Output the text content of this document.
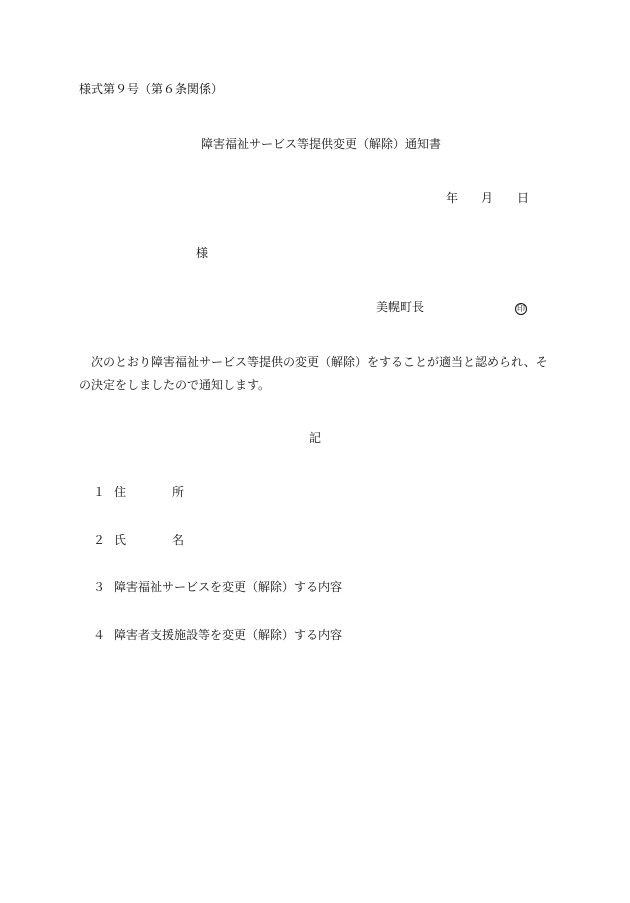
様式第９号（第６条関係）
障害福祉サービス等提供変更（解除）通知書
年 月 日
様
美幌町長	印
次のとおり障害福祉サービス等提供の変更（解除）をすることが適当と認められ、その決定をしましたので通知します。
記
１ 住	所
２ 氏	名
３ 障害福祉サービスを変更（解除）する内容
４ 障害者支援施設等を変更（解除）する内容
